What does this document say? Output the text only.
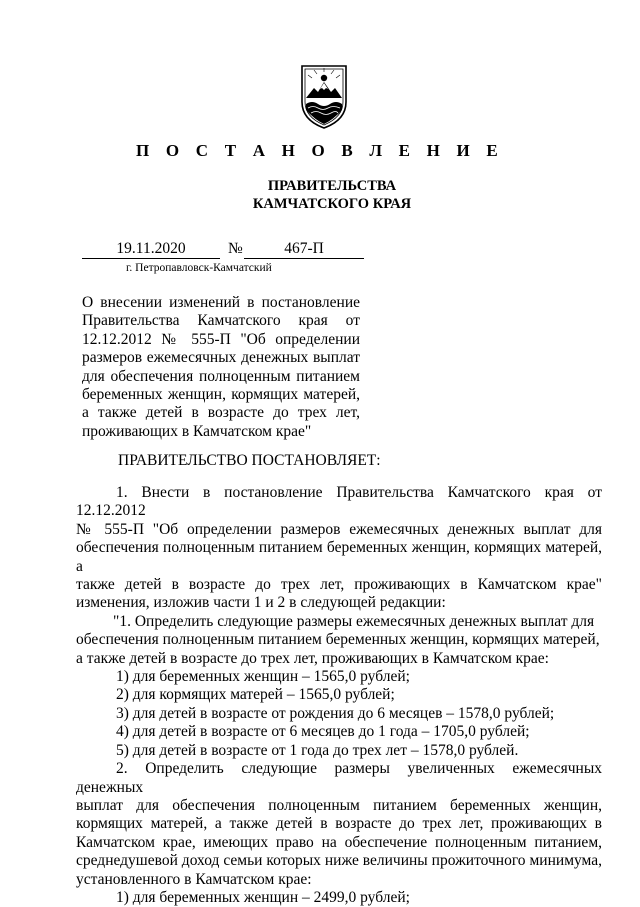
П О С Т А Н О В Л Е Н И Е
ПРАВИТЕЛЬСТВА
КАМЧАТСКОГО КРАЯ
19.11.2020	№	467-П
г. Петропавловск-Камчатский
О внесении изменений в постановление
Правительства Камчатского края от
12.12.2012 № 555-П "Об определении
размеров ежемесячных денежных выплат
для обеспечения полноценным питанием
беременных женщин, кормящих матерей,
а также детей в возрасте до трех лет,
проживающих в Камчатском крае"
ПРАВИТЕЛЬСТВО ПОСТАНОВЛЯЕТ:

1. Внести в постановление Правительства Камчатского края от 12.12.2012

№ 555-П "Об определении размеров ежемесячных денежных выплат для

обеспечения полноценным питанием беременных женщин, кормящих матерей, а

также детей в возрасте до трех лет, проживающих в Камчатском крае"

изменения, изложив части 1 и 2 в следующей редакции:

"1. Определить следующие размеры ежемесячных денежных выплат для

обеспечения полноценным питанием беременных женщин, кормящих матерей,

а также детей в возрасте до трех лет, проживающих в Камчатском крае:

1) для беременных женщин – 1565,0 рублей;

2) для кормящих матерей – 1565,0 рублей;

3) для детей в возрасте от рождения до 6 месяцев – 1578,0 рублей;

4) для детей в возрасте от 6 месяцев до 1 года – 1705,0 рублей;

5) для детей в возрасте от 1 года до трех лет – 1578,0 рублей.

2. Определить следующие размеры увеличенных ежемесячных денежных

выплат для обеспечения полноценным питанием беременных женщин,

кормящих матерей, а также детей в возрасте до трех лет, проживающих в

Камчатском крае, имеющих право на обеспечение полноценным питанием,

среднедушевой доход семьи которых ниже величины прожиточного минимума,

установленного в Камчатском крае:

1) для беременных женщин – 2499,0 рублей;
